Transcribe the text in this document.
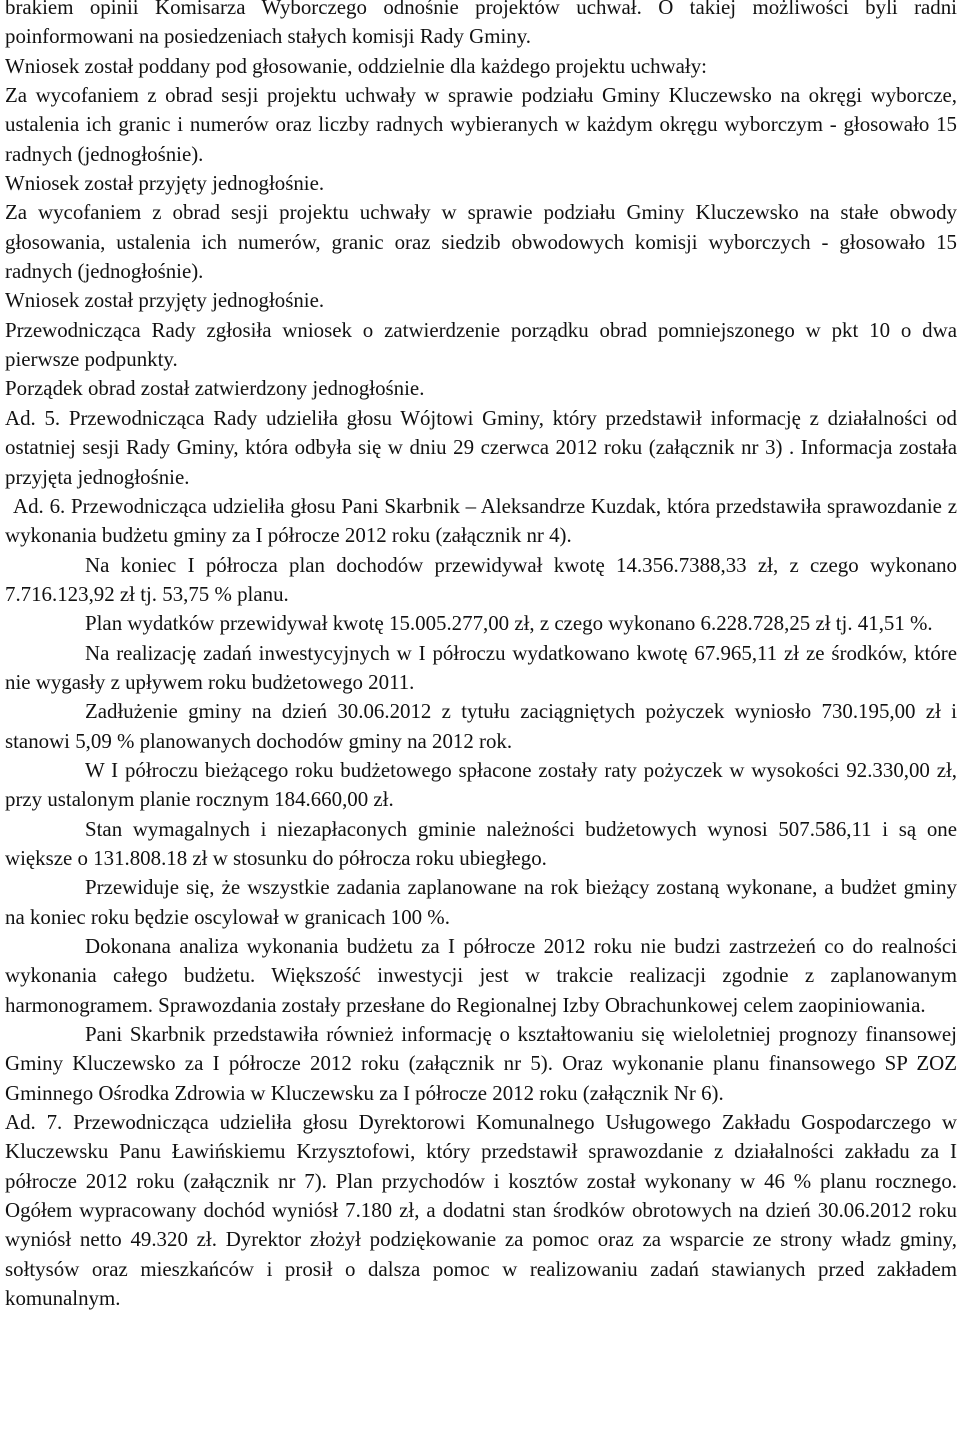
brakiem opinii Komisarza Wyborczego odnośnie projektów uchwał. O takiej możliwości byli radni poinformowani na posiedzeniach stałych komisji Rady Gminy.

Wniosek został poddany pod głosowanie, oddzielnie dla każdego projektu uchwały:

Za wycofaniem z obrad sesji projektu uchwały w sprawie podziału Gminy Kluczewsko na okręgi wyborcze, ustalenia ich granic i numerów oraz liczby radnych wybieranych w każdym okręgu wyborczym - głosowało 15 radnych (jednogłośnie).

Wniosek został przyjęty jednogłośnie.

Za wycofaniem z obrad sesji projektu uchwały w sprawie podziału Gminy Kluczewsko na stałe obwody głosowania, ustalenia ich numerów, granic oraz siedzib obwodowych komisji wyborczych - głosowało 15 radnych (jednogłośnie).

Wniosek został przyjęty jednogłośnie.

Przewodnicząca Rady zgłosiła wniosek o zatwierdzenie porządku obrad pomniejszonego w pkt 10 o dwa pierwsze podpunkty.

Porządek obrad został zatwierdzony jednogłośnie.

Ad. 5. Przewodnicząca Rady udzieliła głosu Wójtowi Gminy, który przedstawił informację z działalności od ostatniej sesji Rady Gminy, która odbyła się w dniu 29 czerwca 2012 roku (załącznik nr 3) . Informacja została przyjęta jednogłośnie.

Ad. 6. Przewodnicząca udzieliła głosu Pani Skarbnik – Aleksandrze Kuzdak, która przedstawiła sprawozdanie z wykonania budżetu gminy za I półrocze 2012 roku (załącznik nr 4).

Na koniec I półrocza plan dochodów przewidywał kwotę 14.356.7388,33 zł, z czego wykonano 7.716.123,92 zł tj. 53,75 % planu.

Plan wydatków przewidywał kwotę 15.005.277,00 zł, z czego wykonano 6.228.728,25 zł tj. 41,51 %.

Na realizację zadań inwestycyjnych w I półroczu wydatkowano kwotę 67.965,11 zł ze środków, które nie wygasły z upływem roku budżetowego 2011.

Zadłużenie gminy na dzień 30.06.2012 z tytułu zaciągniętych pożyczek wyniosło 730.195,00 zł i stanowi 5,09 % planowanych dochodów gminy na 2012 rok.

W I półroczu bieżącego roku budżetowego spłacone zostały raty pożyczek w wysokości 92.330,00 zł, przy ustalonym planie rocznym 184.660,00 zł.

Stan wymagalnych i niezapłaconych gminie należności budżetowych wynosi 507.586,11 i są one większe o 131.808.18 zł w stosunku do półrocza roku ubiegłego.

Przewiduje się, że wszystkie zadania zaplanowane na rok bieżący zostaną wykonane, a budżet gminy na koniec roku będzie oscylował w granicach 100 %.

Dokonana analiza wykonania budżetu za I półrocze 2012 roku nie budzi zastrzeżeń co do realności wykonania całego budżetu. Większość inwestycji jest w trakcie realizacji zgodnie z zaplanowanym harmonogramem. Sprawozdania zostały przesłane do Regionalnej Izby Obrachunkowej celem zaopiniowania.

Pani Skarbnik przedstawiła również informację o kształtowaniu się wieloletniej prognozy finansowej Gminy Kluczewsko za I półrocze 2012 roku (załącznik nr 5). Oraz wykonanie planu finansowego SP ZOZ Gminnego Ośrodka Zdrowia w Kluczewsku za I półrocze 2012 roku (załącznik Nr 6).

Ad. 7. Przewodnicząca udzieliła głosu Dyrektorowi Komunalnego Usługowego Zakładu Gospodarczego w Kluczewsku Panu Ławińskiemu Krzysztofowi, który przedstawił sprawozdanie z działalności zakładu za I półrocze 2012 roku (załącznik nr 7). Plan przychodów i kosztów został wykonany w 46 % planu rocznego. Ogółem wypracowany dochód wyniósł 7.180 zł, a dodatni stan środków obrotowych na dzień 30.06.2012 roku wyniósł netto 49.320 zł. Dyrektor złożył podziękowanie za pomoc oraz za wsparcie ze strony władz gminy, sołtysów oraz mieszkańców i prosił o dalsza pomoc w realizowaniu zadań stawianych przed zakładem komunalnym.
